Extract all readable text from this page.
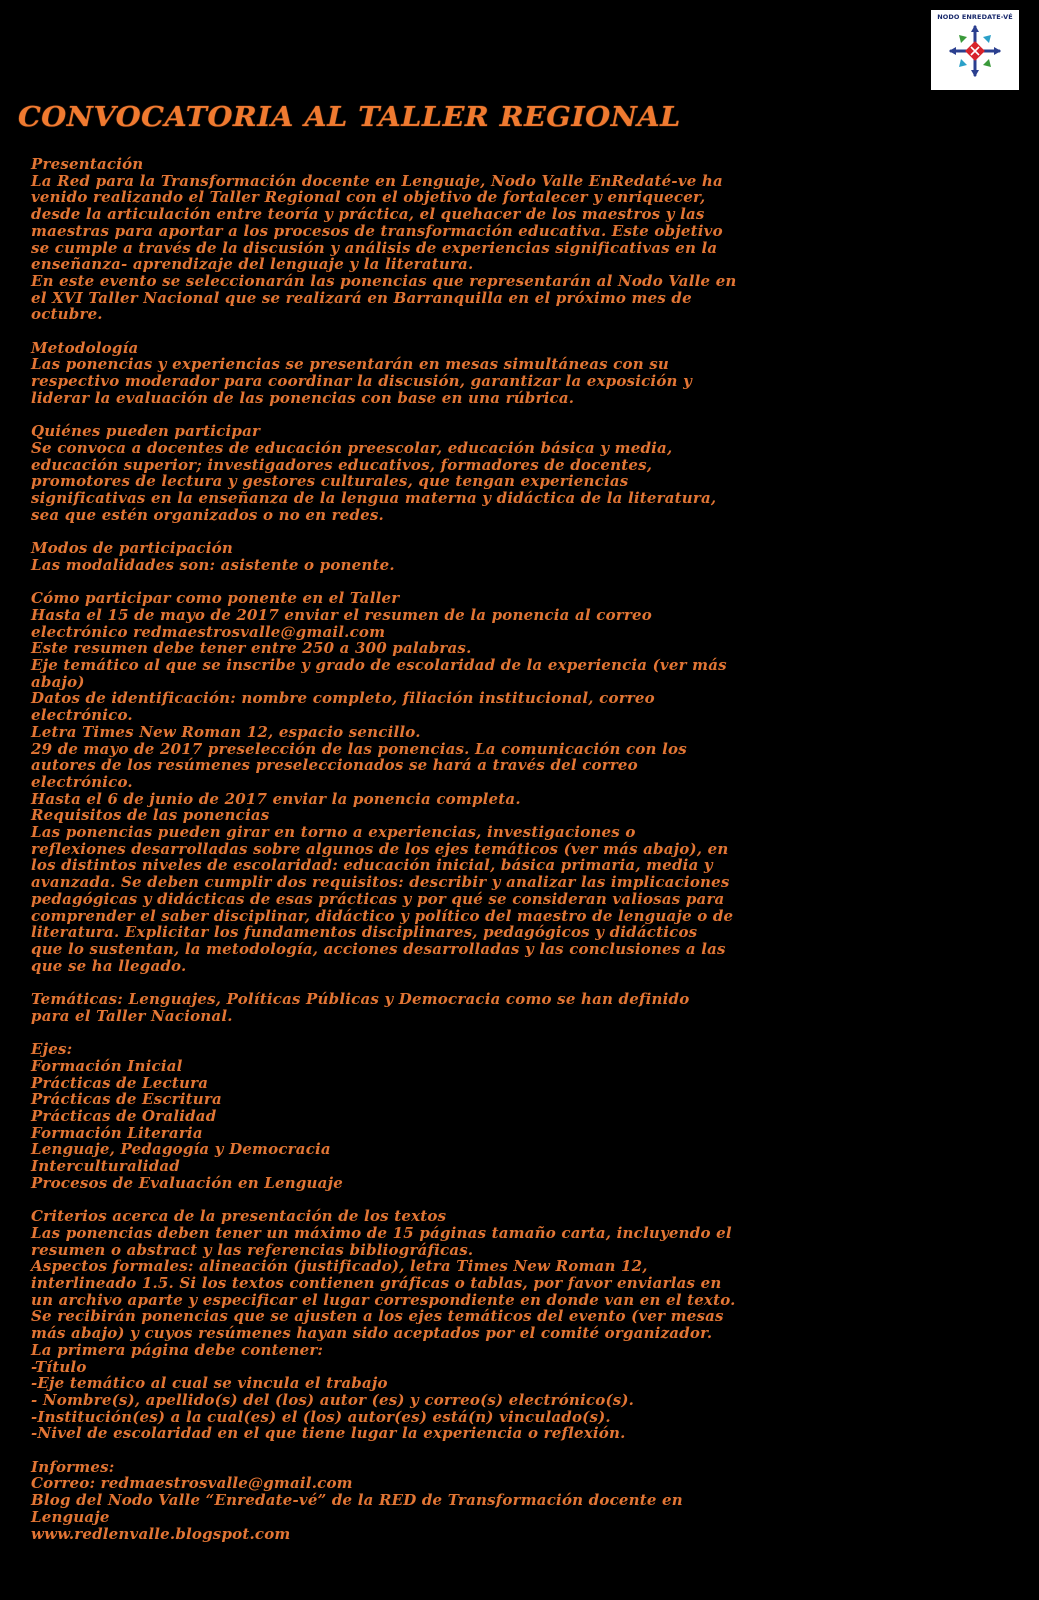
NODO ENREDATE-VÉ
CONVOCATORIA AL TALLER REGIONAL

Presentación

La Red para la Transformación docente en Lenguaje, Nodo Valle EnRedaté-ve ha

venido realizando el Taller Regional con el objetivo de fortalecer y enriquecer,

desde la articulación entre teoría y práctica, el quehacer de los maestros y las

maestras para aportar a los procesos de transformación educativa. Este objetivo

se cumple a través de la discusión y análisis de experiencias significativas en la

enseñanza- aprendizaje del lenguaje y la literatura.

En este evento se seleccionarán las ponencias que representarán al Nodo Valle en

el XVI Taller Nacional que se realizará en Barranquilla en el próximo mes de

octubre.

Metodología

Las ponencias y experiencias se presentarán en mesas simultáneas con su

respectivo moderador para coordinar la discusión, garantizar la exposición y

liderar la evaluación de las ponencias con base en una rúbrica.

Quiénes pueden participar

Se convoca a docentes de educación preescolar, educación básica y media,

educación superior; investigadores educativos, formadores de docentes,

promotores de lectura y gestores culturales, que tengan experiencias

significativas en la enseñanza de la lengua materna y didáctica de la literatura,

sea que estén organizados o no en redes.

Modos de participación

Las modalidades son: asistente o ponente.

Cómo participar como ponente en el Taller

Hasta el 15 de mayo de 2017 enviar el resumen de la ponencia al correo

electrónico redmaestrosvalle@gmail.com

Este resumen debe tener entre 250 a 300 palabras.

Eje temático al que se inscribe y grado de escolaridad de la experiencia (ver más

abajo)

Datos de identificación: nombre completo, filiación institucional, correo

electrónico.

Letra Times New Roman 12, espacio sencillo.

29 de mayo de 2017 preselección de las ponencias. La comunicación con los

autores de los resúmenes preseleccionados se hará a través del correo

electrónico.

Hasta el 6 de junio de 2017 enviar la ponencia completa.

Requisitos de las ponencias

Las ponencias pueden girar en torno a experiencias, investigaciones o

reflexiones desarrolladas sobre algunos de los ejes temáticos (ver más abajo), en

los distintos niveles de escolaridad: educación inicial, básica primaria, media y

avanzada. Se deben cumplir dos requisitos: describir y analizar las implicaciones

pedagógicas y didácticas de esas prácticas y por qué se consideran valiosas para

comprender el saber disciplinar, didáctico y político del maestro de lenguaje o de

literatura. Explicitar los fundamentos disciplinares, pedagógicos y didácticos

que lo sustentan, la metodología, acciones desarrolladas y las conclusiones a las

que se ha llegado.

Temáticas: Lenguajes, Políticas Públicas y Democracia como se han definido

para el Taller Nacional.

Ejes:

Formación Inicial

Prácticas de Lectura

Prácticas de Escritura

Prácticas de Oralidad

Formación Literaria

Lenguaje, Pedagogía y Democracia

Interculturalidad

Procesos de Evaluación en Lenguaje

Criterios acerca de la presentación de los textos

Las ponencias deben tener un máximo de 15 páginas tamaño carta, incluyendo el

resumen o abstract y las referencias bibliográficas.

Aspectos formales: alineación (justificado), letra Times New Roman 12,

interlineado 1.5. Si los textos contienen gráficas o tablas, por favor enviarlas en

un archivo aparte y especificar el lugar correspondiente en donde van en el texto.

Se recibirán ponencias que se ajusten a los ejes temáticos del evento (ver mesas

más abajo) y cuyos resúmenes hayan sido aceptados por el comité organizador.

La primera página debe contener:

-Título

-Eje temático al cual se vincula el trabajo

- Nombre(s), apellido(s) del (los) autor (es) y correo(s) electrónico(s).

-Institución(es) a la cual(es) el (los) autor(es) está(n) vinculado(s).

-Nivel de escolaridad en el que tiene lugar la experiencia o reflexión.

Informes:

Correo: redmaestrosvalle@gmail.com

Blog del Nodo Valle “Enredate-vé” de la RED de Transformación docente en

Lenguaje

www.redlenvalle.blogspot.com
